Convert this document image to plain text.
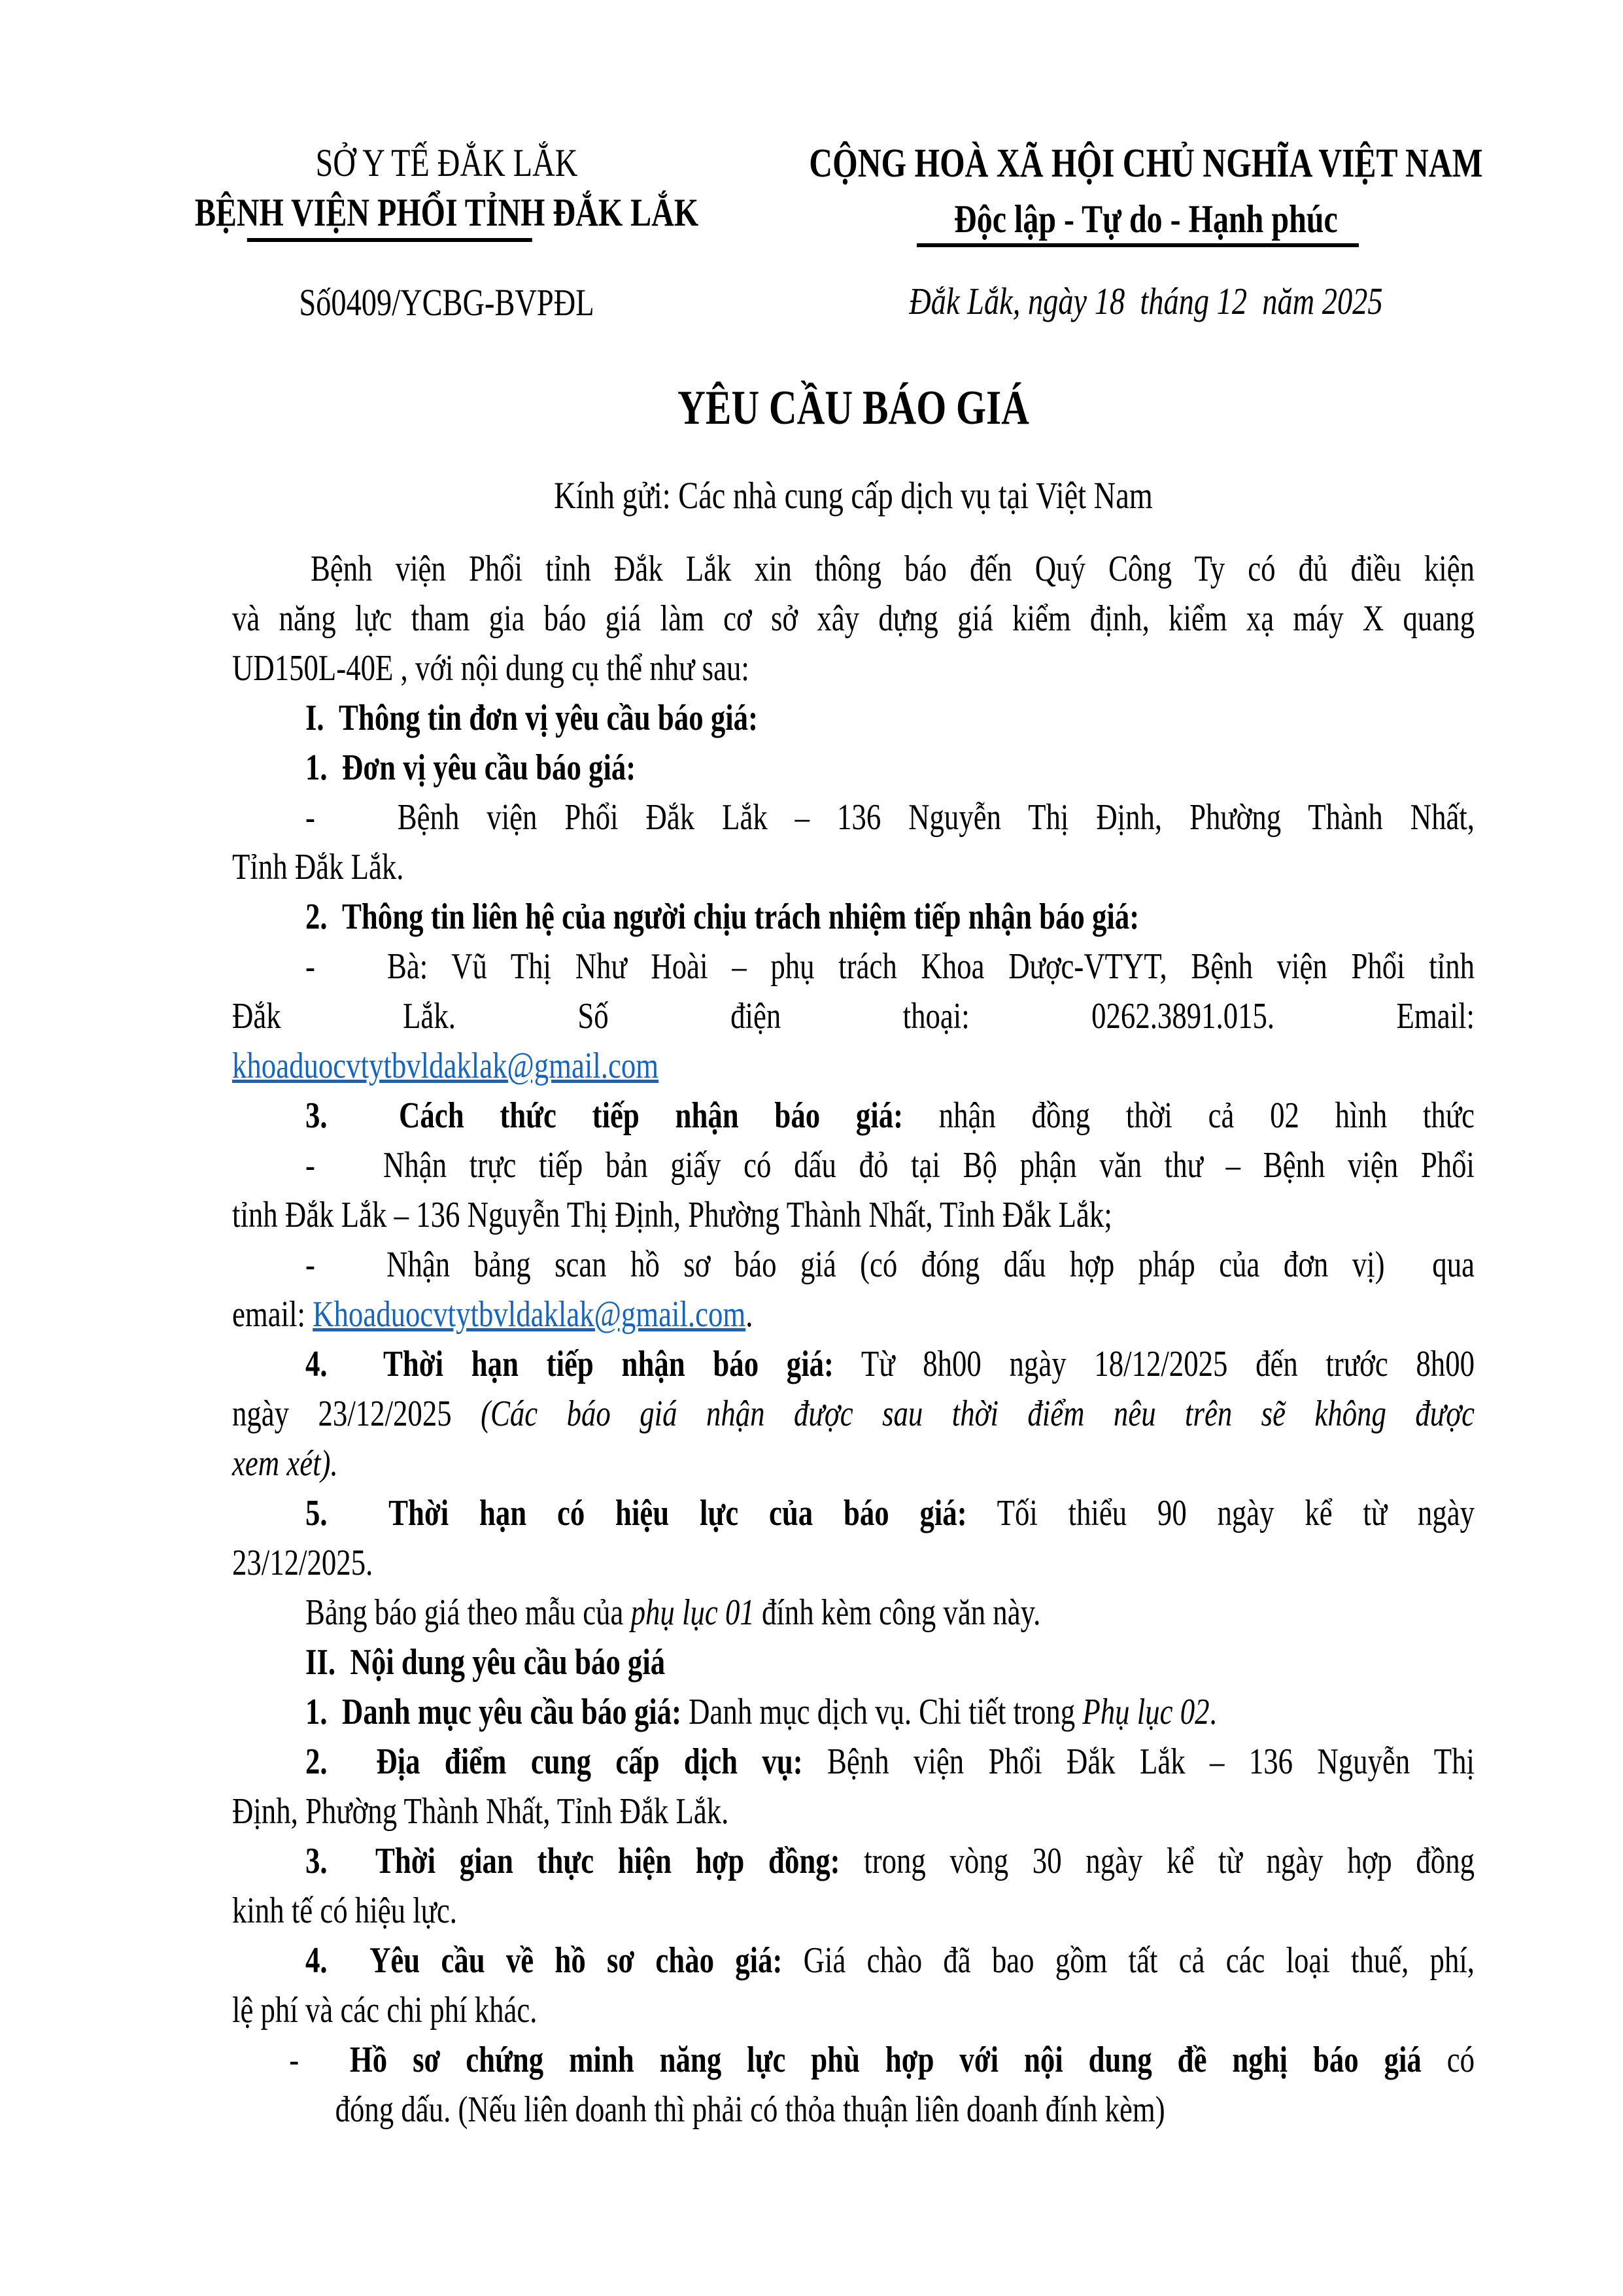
SỞ Y TẾ ĐẮK LẮK
BỆNH VIỆN PHỔI TỈNH ĐẮK LẮK
Số0409/YCBG-BVPĐL
CỘNG HOÀ XÃ HỘI CHỦ NGHĨA VIỆT NAM
Độc lập - Tự do - Hạnh phúc
Đắk Lắk, ngày 18  tháng 12  năm 2025
YÊU CẦU BÁO GIÁ
Kính gửi: Các nhà cung cấp dịch vụ tại Việt Nam
Bệnh viện Phổi tỉnh Đắk Lắk xin thông báo đến Quý Công Ty có đủ điều kiện
và năng lực tham gia báo giá làm cơ sở xây dựng giá kiểm định, kiểm xạ máy X quang
UD150L-40E , với nội dung cụ thể như sau:
I.  Thông tin đơn vị yêu cầu báo giá:
1.  Đơn vị yêu cầu báo giá:
-   Bệnh viện Phổi Đắk Lắk – 136 Nguyễn Thị Định, Phường Thành Nhất,
Tỉnh Đắk Lắk.
2.  Thông tin liên hệ của người chịu trách nhiệm tiếp nhận báo giá:
-   Bà: Vũ Thị Như Hoài – phụ trách Khoa Dược-VTYT, Bệnh viện Phổi tỉnh
Đắk Lắk. Số điện thoại: 0262.3891.015. Email:
khoaduocvtytbvldaklak@gmail.com
3.  Cách thức tiếp nhận báo giá: nhận đồng thời cả 02 hình thức
-   Nhận trực tiếp bản giấy có dấu đỏ tại Bộ phận văn thư – Bệnh viện Phổi
tỉnh Đắk Lắk – 136 Nguyễn Thị Định, Phường Thành Nhất, Tỉnh Đắk Lắk;
-   Nhận bảng scan hồ sơ báo giá (có đóng dấu hợp pháp của đơn vị)  qua
email: Khoaduocvtytbvldaklak@gmail.com.
4.  Thời hạn tiếp nhận báo giá: Từ 8h00 ngày 18/12/2025 đến trước 8h00
ngày 23/12/2025 (Các báo giá nhận được sau thời điểm nêu trên sẽ không được
xem xét).
5.  Thời hạn có hiệu lực của báo giá: Tối thiểu 90 ngày kể từ ngày
23/12/2025.
Bảng báo giá theo mẫu của phụ lục 01 đính kèm công văn này.
II.  Nội dung yêu cầu báo giá
1.  Danh mục yêu cầu báo giá: Danh mục dịch vụ. Chi tiết trong Phụ lục 02.
2.  Địa điểm cung cấp dịch vụ: Bệnh viện Phổi Đắk Lắk – 136 Nguyễn Thị
Định, Phường Thành Nhất, Tỉnh Đắk Lắk.
3.  Thời gian thực hiện hợp đồng: trong vòng 30 ngày kể từ ngày hợp đồng
kinh tế có hiệu lực.
4.  Yêu cầu về hồ sơ chào giá: Giá chào đã bao gồm tất cả các loại thuế, phí,
lệ phí và các chi phí khác.
-  Hồ sơ chứng minh năng lực phù hợp với nội dung đề nghị báo giá có
đóng dấu. (Nếu liên doanh thì phải có thỏa thuận liên doanh đính kèm)
